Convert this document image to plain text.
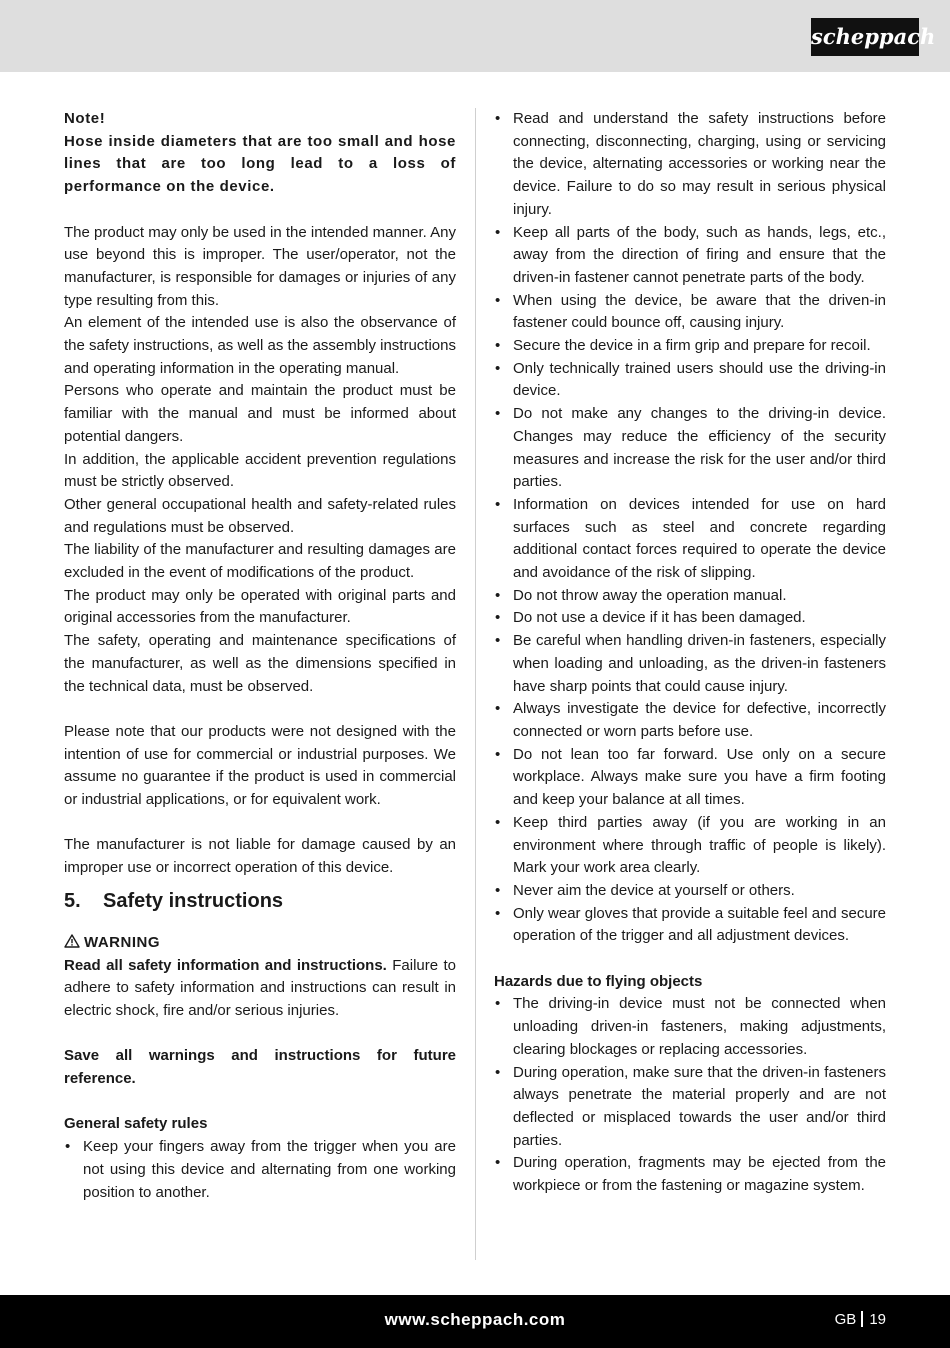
scheppach

Note!

Hose inside diameters that are too small and hose lines that are too long lead to a loss of performance on the device.

The product may only be used in the intended manner. Any use beyond this is improper. The user/operator, not the manufacturer, is responsible for damages or injuries of any type resulting from this.

An element of the intended use is also the observance of the safety instructions, as well as the assembly instructions and operating information in the operating manual.

Persons who operate and maintain the product must be familiar with the manual and must be informed about potential dangers.

In addition, the applicable accident prevention regulations must be strictly observed.

Other general occupational health and safety-related rules and regulations must be observed.

The liability of the manufacturer and resulting damages are excluded in the event of modifications of the product.

The product may only be operated with original parts and original accessories from the manufacturer.

The safety, operating and maintenance specifications of the manufacturer, as well as the dimensions specified in the technical data, must be observed.

Please note that our products were not designed with the intention of use for commercial or industrial purposes. We assume no guarantee if the product is used in commercial or industrial applications, or for equivalent work.

The manufacturer is not liable for damage caused by an improper use or incorrect operation of this device.

5. Safety instructions

WARNING

Read all safety information and instructions. Failure to adhere to safety information and instructions can result in electric shock, fire and/or serious injuries.

Save all warnings and instructions for future reference.

General safety rules

• Keep your fingers away from the trigger when you are not using this device and alternating from one working position to another.
• Read and understand the safety instructions before connecting, disconnecting, charging, using or servicing the device, alternating accessories or working near the device. Failure to do so may result in serious physical injury.
• Keep all parts of the body, such as hands, legs, etc., away from the direction of firing and ensure that the driven-in fastener cannot penetrate parts of the body.
• When using the device, be aware that the driven-in fastener could bounce off, causing injury.
• Secure the device in a firm grip and prepare for recoil.
• Only technically trained users should use the driving-in device.
• Do not make any changes to the driving-in device. Changes may reduce the efficiency of the security measures and increase the risk for the user and/or third parties.
• Information on devices intended for use on hard surfaces such as steel and concrete regarding additional contact forces required to operate the device and avoidance of the risk of slipping.
• Do not throw away the operation manual.
• Do not use a device if it has been damaged.
• Be careful when handling driven-in fasteners, especially when loading and unloading, as the driven-in fasteners have sharp points that could cause injury.
• Always investigate the device for defective, incorrectly connected or worn parts before use.
• Do not lean too far forward. Use only on a secure workplace. Always make sure you have a firm footing and keep your balance at all times.
• Keep third parties away (if you are working in an environment where through traffic of people is likely). Mark your work area clearly.
• Never aim the device at yourself or others.
• Only wear gloves that provide a suitable feel and secure operation of the trigger and all adjustment devices.

Hazards due to flying objects

• The driving-in device must not be connected when unloading driven-in fasteners, making adjustments, clearing blockages or replacing accessories.
• During operation, make sure that the driven-in fasteners always penetrate the material properly and are not deflected or misplaced towards the user and/or third parties.
• During operation, fragments may be ejected from the workpiece or from the fastening or magazine system.
www.scheppach.com	GB 19
